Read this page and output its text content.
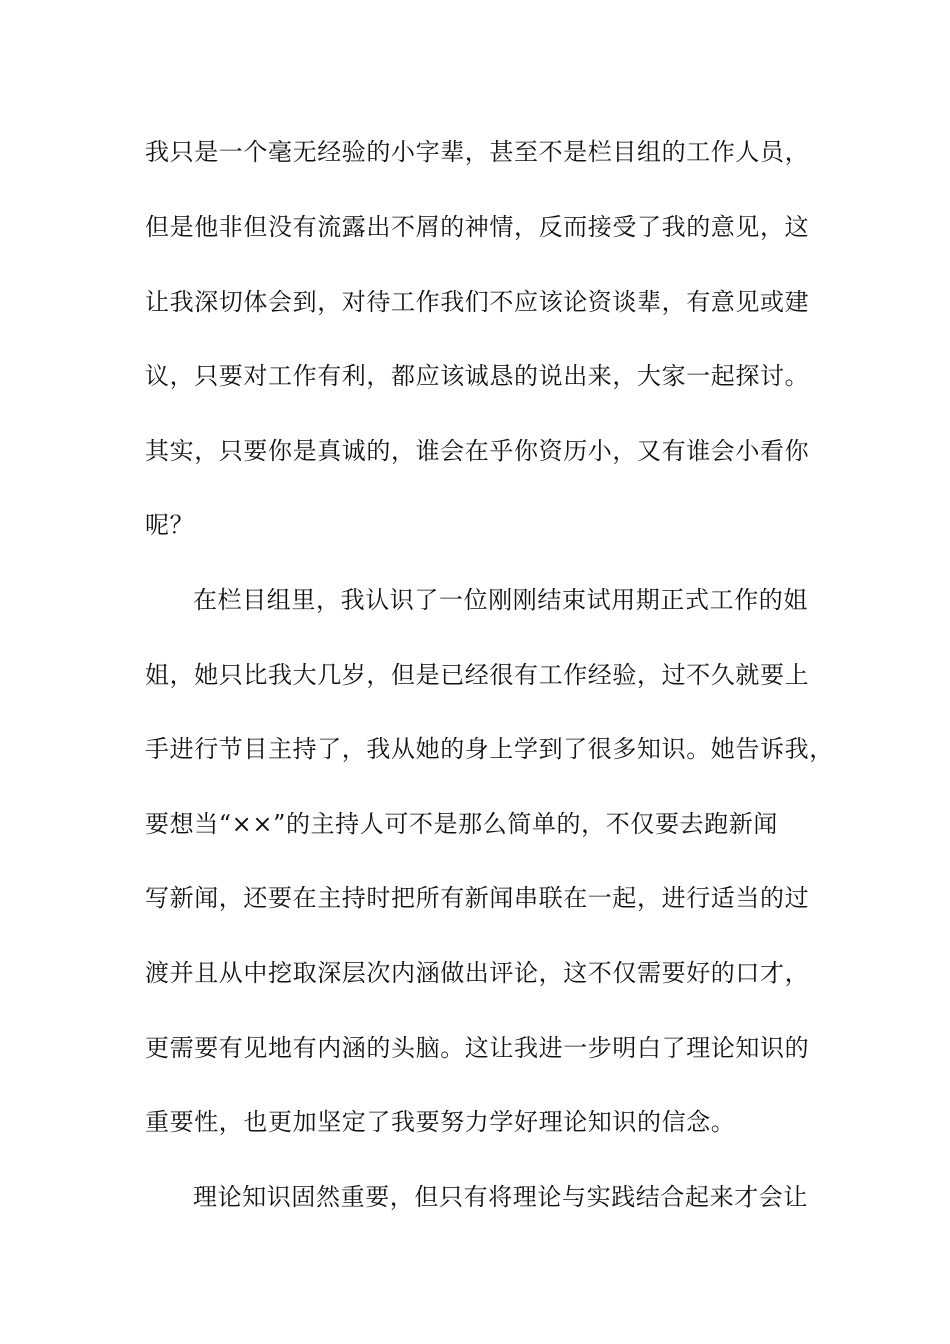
我只是一个毫无经验的小字辈，甚至不是栏目组的工作人员，
但是他非但没有流露出不屑的神情，反而接受了我的意见，这
让我深切体会到，对待工作我们不应该论资谈辈，有意见或建
议，只要对工作有利，都应该诚恳的说出来，大家一起探讨。
其实，只要你是真诚的，谁会在乎你资历小，又有谁会小看你
呢？
在栏目组里，我认识了一位刚刚结束试用期正式工作的姐
姐，她只比我大几岁，但是已经很有工作经验，过不久就要上
手进行节目主持了，我从她的身上学到了很多知识。她告诉我，
要想当“××”的主持人可不是那么简单的，不仅要去跑新闻
写新闻，还要在主持时把所有新闻串联在一起，进行适当的过
渡并且从中挖取深层次内涵做出评论，这不仅需要好的口才，
更需要有见地有内涵的头脑。这让我进一步明白了理论知识的
重要性，也更加坚定了我要努力学好理论知识的信念。
理论知识固然重要，但只有将理论与实践结合起来才会让
